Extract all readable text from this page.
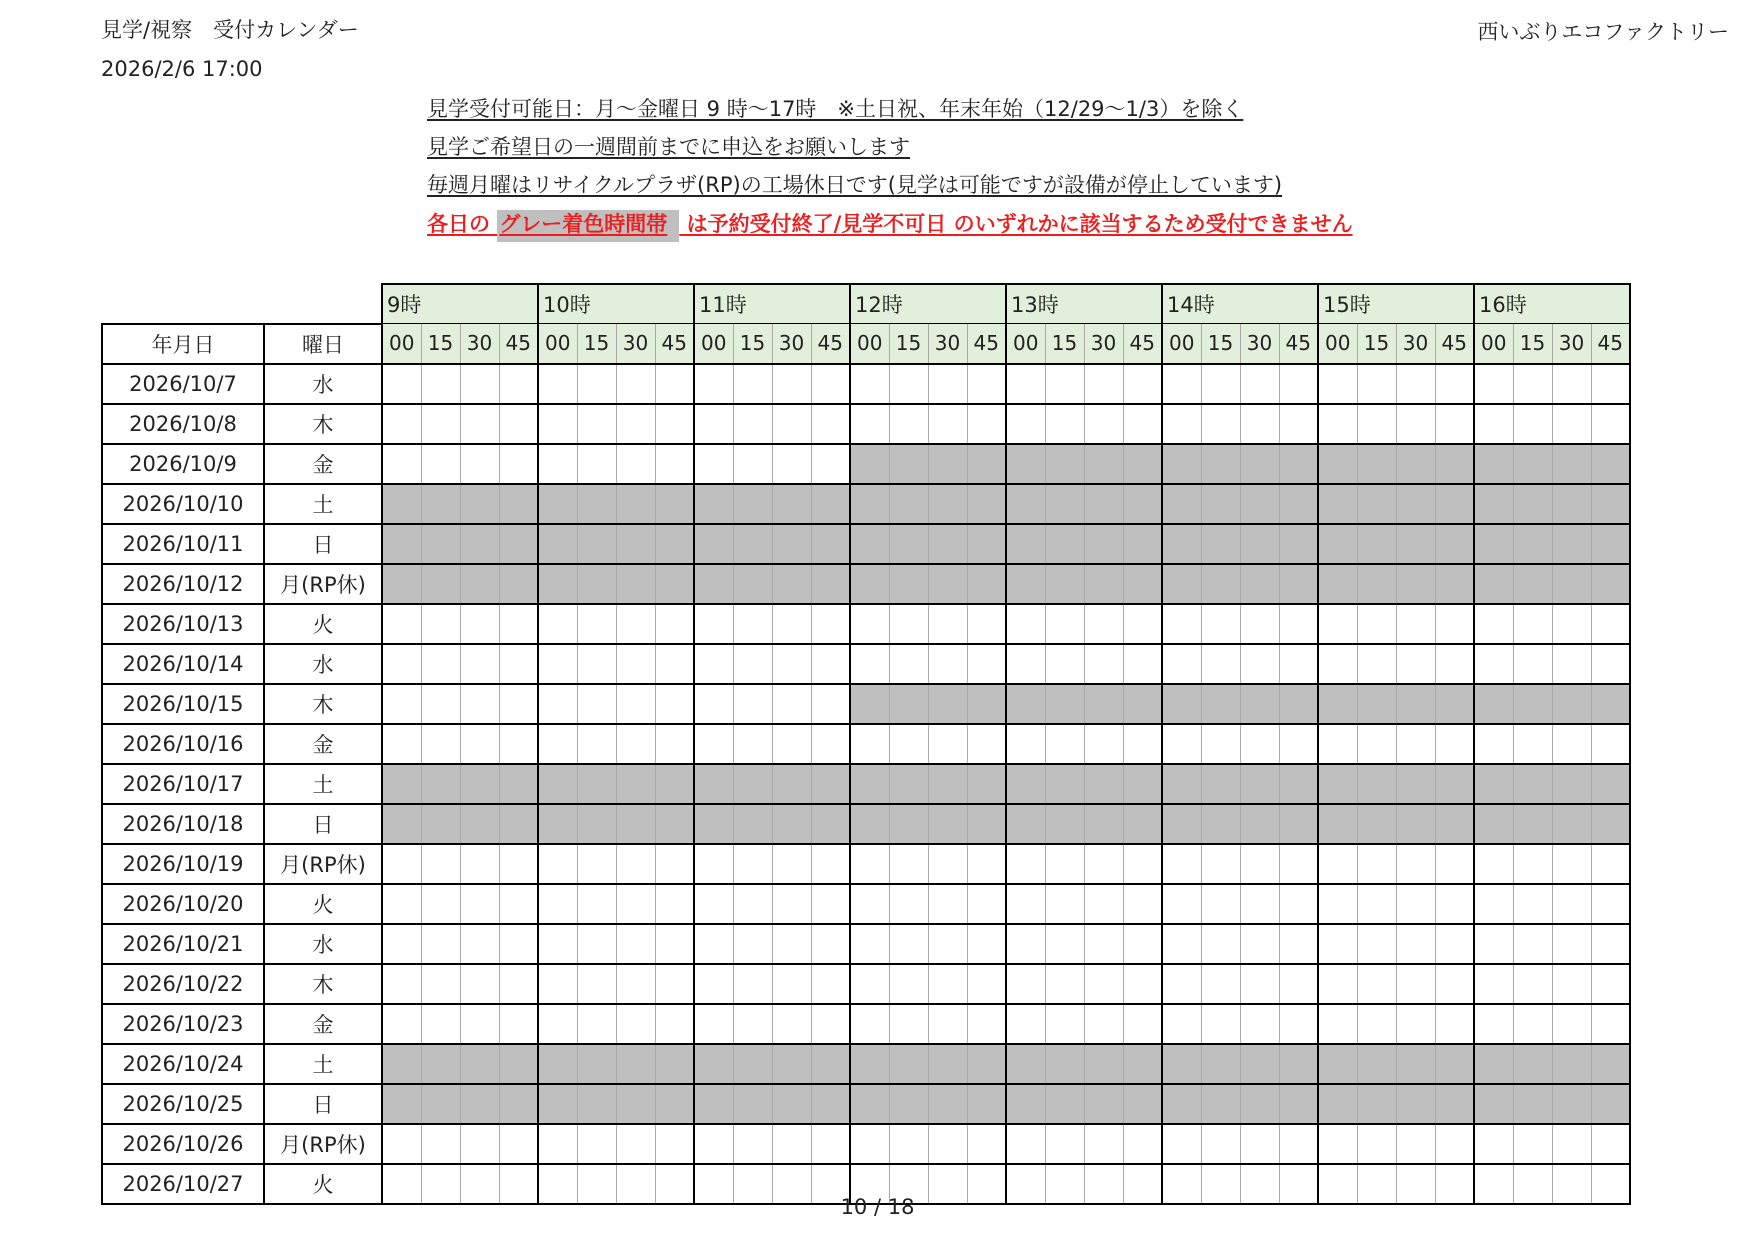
見学/視察　受付カレンダー
2026/2/6 17:00
西いぶりエコファクトリー
見学受付可能日：月～金曜日 9 時～17時　※土日祝、年末年始（12/29～1/3）を除く
見学ご希望日の一週間前までに申込をお願いします
毎週月曜はリサイクルプラザ(RP)の工場休日です(見学は可能ですが設備が停止しています)
各日の グレー着色時間帯 は予約受付終了/見学不可日 のいずれかに該当するため受付できません
		9時				10時				11時				12時				13時				14時				15時				16時			
年月日	曜日	00	15	30	45	00	15	30	45	00	15	30	45	00	15	30	45	00	15	30	45	00	15	30	45	00	15	30	45	00	15	30	45
2026/10/7	水																																
2026/10/8	木																																
2026/10/9	金																																
2026/10/10	土																																
2026/10/11	日																																
2026/10/12	月(RP休)																																
2026/10/13	火																																
2026/10/14	水																																
2026/10/15	木																																
2026/10/16	金																																
2026/10/17	土																																
2026/10/18	日																																
2026/10/19	月(RP休)																																
2026/10/20	火																																
2026/10/21	水																																
2026/10/22	木																																
2026/10/23	金																																
2026/10/24	土																																
2026/10/25	日																																
2026/10/26	月(RP休)																																
2026/10/27	火																																
10 / 18
